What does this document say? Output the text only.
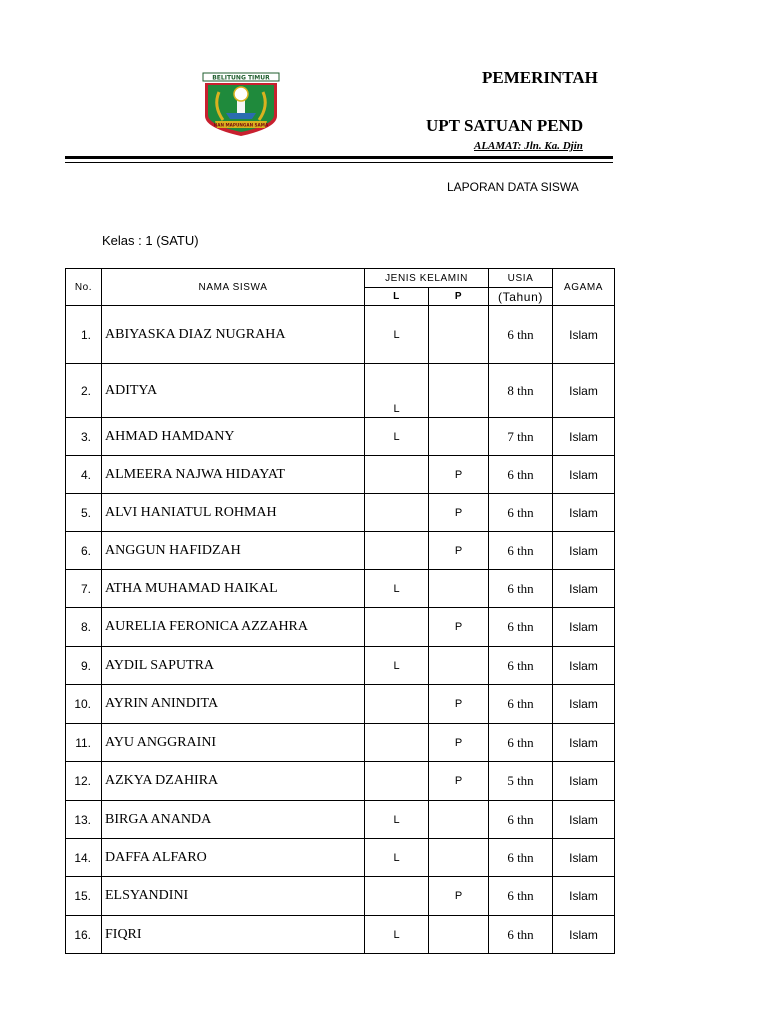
BELITUNG TIMUR
NAN MAPUNGAN SAMA
PEMERINTAH
UPT SATUAN PEND
ALAMAT: Jln. Ka. Djin
LAPORAN DATA SISWA
Kelas : 1 (SATU)
No.	NAMA SISWA	JENIS KELAMIN		USIA	AGAMA
		L	P	(Tahun)	
1.	ABIYASKA DIAZ NUGRAHA	L		6 thn	Islam
2.	ADITYA	L		8 thn	Islam
3.	AHMAD HAMDANY	L		7 thn	Islam
4.	ALMEERA NAJWA HIDAYAT		P	6 thn	Islam
5.	ALVI HANIATUL ROHMAH		P	6 thn	Islam
6.	ANGGUN HAFIDZAH		P	6 thn	Islam
7.	ATHA MUHAMAD HAIKAL	L		6 thn	Islam
8.	AURELIA FERONICA AZZAHRA		P	6 thn	Islam
9.	AYDIL SAPUTRA	L		6 thn	Islam
10.	AYRIN ANINDITA		P	6 thn	Islam
11.	AYU ANGGRAINI		P	6 thn	Islam
12.	AZKYA DZAHIRA		P	5 thn	Islam
13.	BIRGA ANANDA	L		6 thn	Islam
14.	DAFFA ALFARO	L		6 thn	Islam
15.	ELSYANDINI		P	6 thn	Islam
16.	FIQRI	L		6 thn	Islam
